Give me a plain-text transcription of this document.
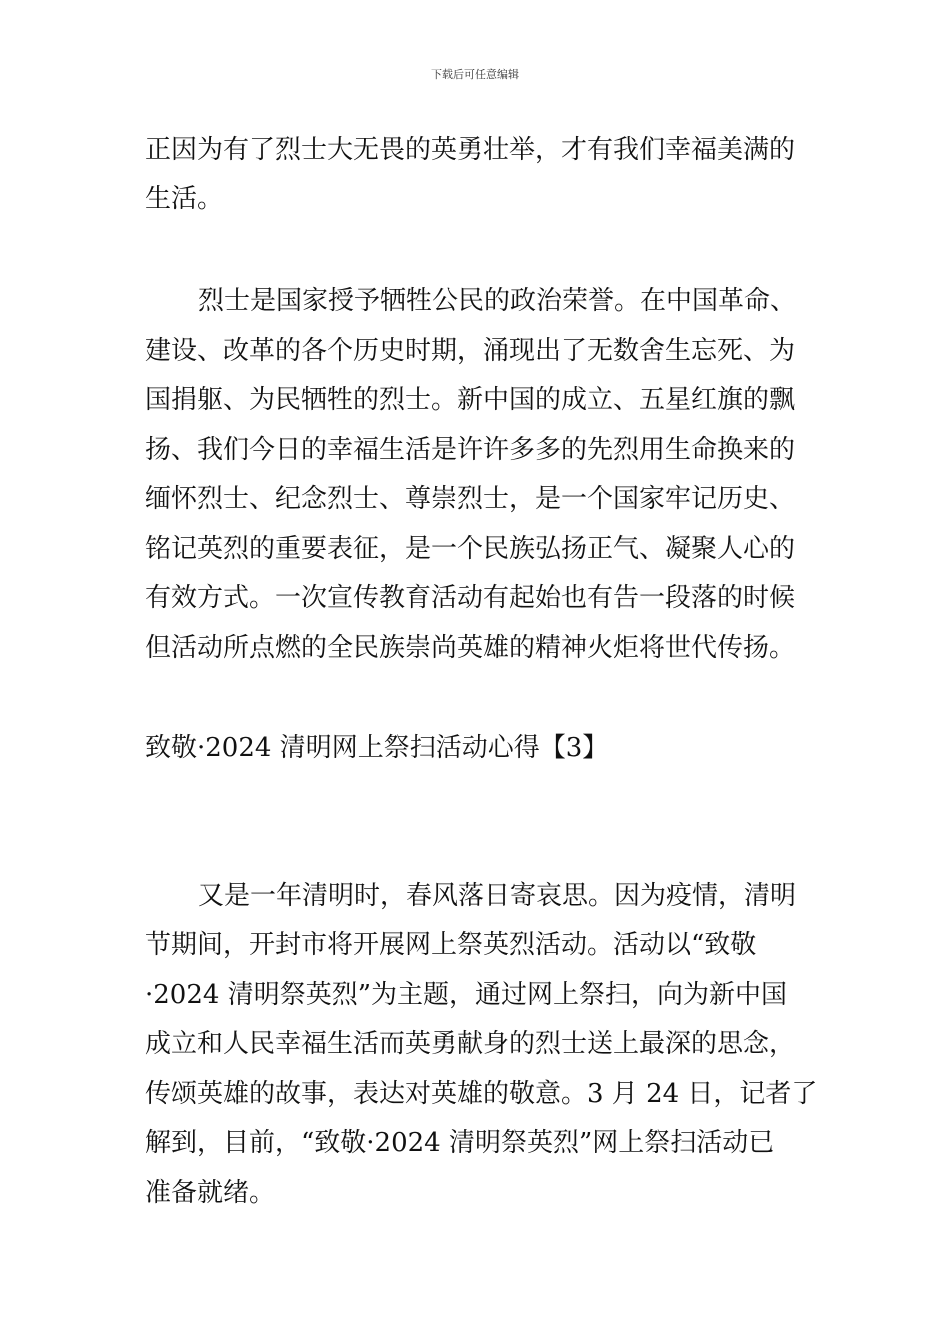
下载后可任意编辑
正因为有了烈士大无畏的英勇壮举，才有我们幸福美满的
生活。
烈士是国家授予牺牲公民的政治荣誉。在中国革命、
建设、改革的各个历史时期，涌现出了无数舍生忘死、为
国捐躯、为民牺牲的烈士。新中国的成立、五星红旗的飘
扬、我们今日的幸福生活是许许多多的先烈用生命换来的
缅怀烈士、纪念烈士、尊崇烈士，是一个国家牢记历史、
铭记英烈的重要表征，是一个民族弘扬正气、凝聚人心的
有效方式。一次宣传教育活动有起始也有告一段落的时候
但活动所点燃的全民族崇尚英雄的精神火炬将世代传扬。
致敬·2024 清明网上祭扫活动心得【3】
又是一年清明时，春风落日寄哀思。因为疫情，清明
节期间，开封市将开展网上祭英烈活动。活动以“致敬
·2024 清明祭英烈”为主题，通过网上祭扫，向为新中国
成立和人民幸福生活而英勇献身的烈士送上最深的思念，
传颂英雄的故事，表达对英雄的敬意。3 月 24 日，记者了
解到，目前，“致敬·2024 清明祭英烈”网上祭扫活动已
准备就绪。
